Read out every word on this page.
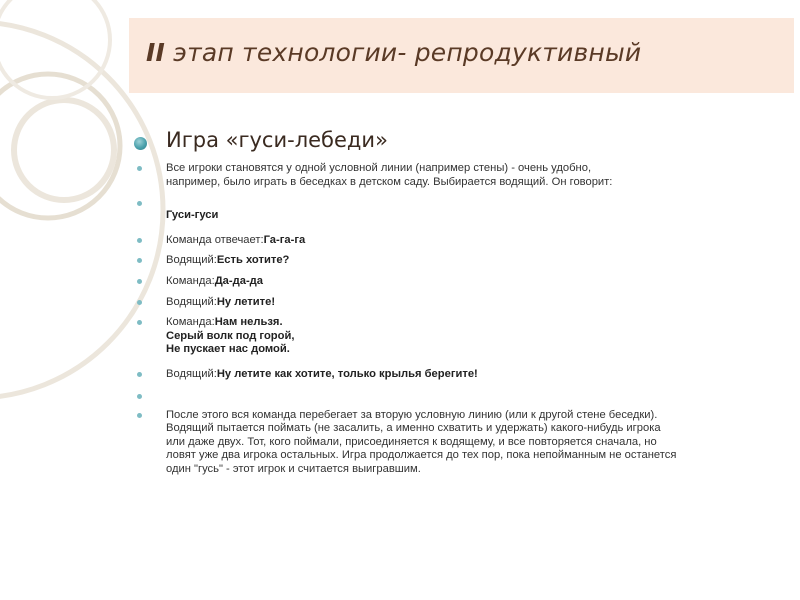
II этап технологии- репродуктивный
Игра «гуси-лебеди»
Все игроки становятся у одной условной линии (например стены) - очень удобно,
например, было играть в беседках в детском саду. Выбирается водящий. Он говорит:
Гуси-гуси
Команда отвечает:Га-га-га
Водящий:Есть хотите?
Команда:Да-да-да
Водящий:Ну летите!
Команда:Нам нельзя.
Серый волк под горой,
Не пускает нас домой.
Водящий:Ну летите как хотите, только крылья берегите!
После этого вся команда перебегает за вторую условную линию (или к другой стене беседки).
Водящий пытается поймать (не засалить, а именно схватить и удержать) какого-нибудь игрока
или даже двух. Тот, кого поймали, присоединяется к водящему, и все повторяется сначала, но
ловят уже два игрока остальных. Игра продолжается до тех пор, пока непойманным не останется
один "гусь" - этот игрок и считается выигравшим.
